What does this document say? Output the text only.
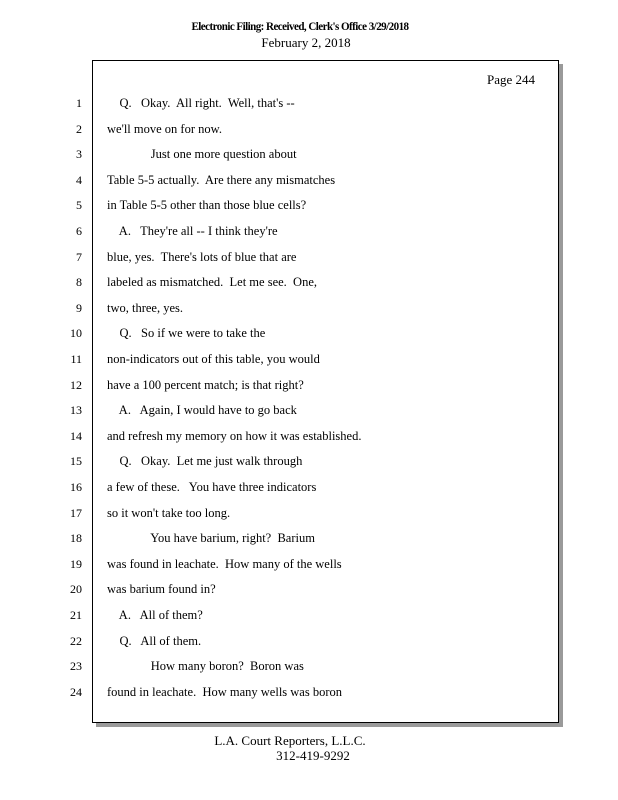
Electronic Filing: Received, Clerk's Office 3/29/2018
February 2, 2018
Page 244
1 Q.   Okay.  All right.  Well, that's --
2 we'll move on for now.
3 Just one more question about
4 Table 5-5 actually.  Are there any mismatches
5 in Table 5-5 other than those blue cells?
6 A.   They're all -- I think they're
7 blue, yes.  There's lots of blue that are
8 labeled as mismatched.  Let me see.  One,
9 two, three, yes.
10 Q.   So if we were to take the
11 non-indicators out of this table, you would
12 have a 100 percent match; is that right?
13 A.   Again, I would have to go back
14 and refresh my memory on how it was established.
15 Q.   Okay.  Let me just walk through
16 a few of these.   You have three indicators
17 so it won't take too long.
18 You have barium, right?  Barium
19 was found in leachate.  How many of the wells
20 was barium found in?
21 A.   All of them?
22 Q.   All of them.
23 How many boron?  Boron was
24 found in leachate.  How many wells was boron
L.A. Court Reporters, L.L.C.
312-419-9292
